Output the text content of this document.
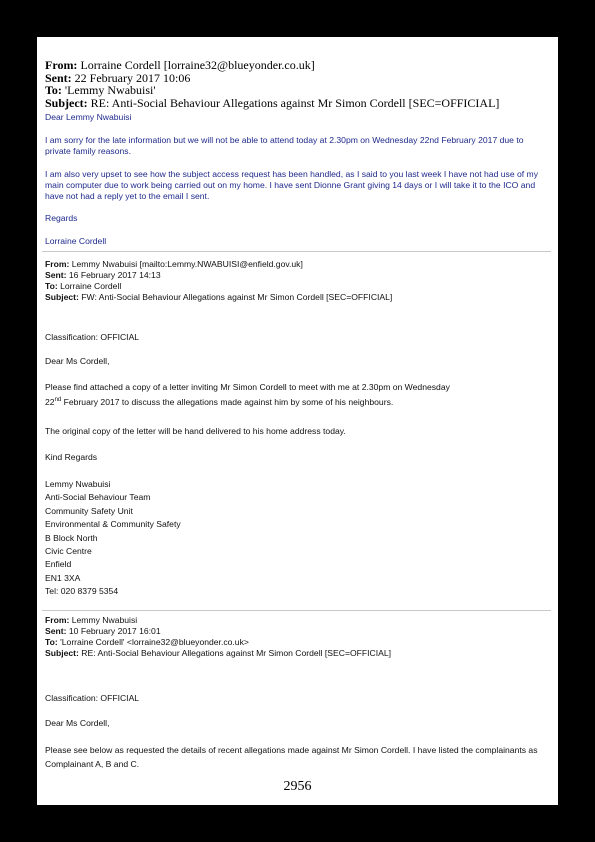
From: Lorraine Cordell [lorraine32@blueyonder.co.uk]
Sent: 22 February 2017 10:06
To: 'Lemmy Nwabuisi'
Subject: RE: Anti-Social Behaviour Allegations against Mr Simon Cordell [SEC=OFFICIAL]
Dear Lemmy Nwabuisi
I am sorry for the late information but we will not be able to attend today at 2.30pm on Wednesday 22nd February 2017 due to private family reasons.
I am also very upset to see how the subject access request has been handled, as I said to you last week I have not had use of my main computer due to work being carried out on my home. I have sent Dionne Grant giving 14 days or I will take it to the ICO and have not had a reply yet to the email I sent.
Regards
Lorraine Cordell
From: Lemmy Nwabuisi [mailto:Lemmy.NWABUISI@enfield.gov.uk]
Sent: 16 February 2017 14:13
To: Lorraine Cordell
Subject: FW: Anti-Social Behaviour Allegations against Mr Simon Cordell [SEC=OFFICIAL]
Classification: OFFICIAL
Dear Ms Cordell,
Please find attached a copy of a letter inviting Mr Simon Cordell to meet with me at 2.30pm on Wednesday
22nd February 2017 to discuss the allegations made against him by some of his neighbours.
The original copy of the letter will be hand delivered to his home address today.
Kind Regards
Lemmy Nwabuisi
Anti-Social Behaviour Team
Community Safety Unit
Environmental & Community Safety
B Block North
Civic Centre
Enfield
EN1 3XA
Tel: 020 8379 5354
From: Lemmy Nwabuisi
Sent: 10 February 2017 16:01
To: 'Lorraine Cordell' <lorraine32@blueyonder.co.uk>
Subject: RE: Anti-Social Behaviour Allegations against Mr Simon Cordell [SEC=OFFICIAL]
Classification: OFFICIAL
Dear Ms Cordell,
Please see below as requested the details of recent allegations made against Mr Simon Cordell. I have listed the complainants as Complainant A, B and C.
2956
